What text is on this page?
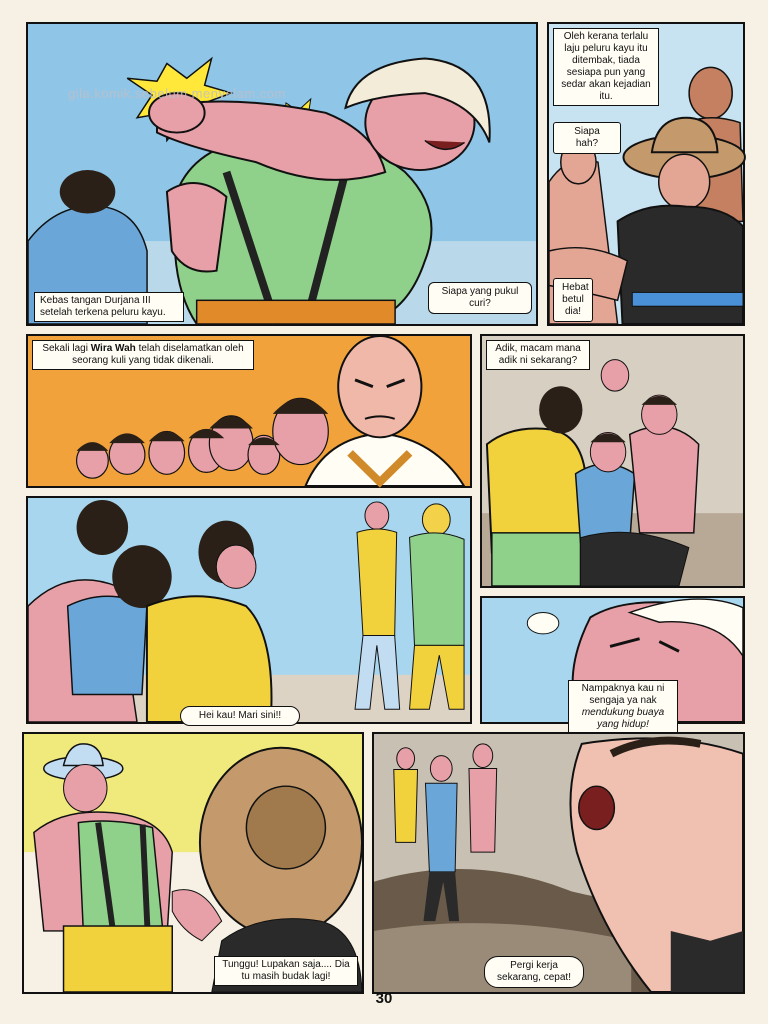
gila.komik.sebelum.menyelam.com
Kebas tangan Durjana III setelah terkena peluru kayu.
Siapa yang pukul curi?
Oleh kerana terlalu laju peluru kayu itu ditembak, tiada sesiapa pun yang sedar akan kejadian itu.
Siapa hah?
Hebat betul dia!
Sekali lagi Wira Wah telah diselamatkan oleh seorang kuli yang tidak dikenali.
Adik, macam mana adik ni sekarang?
Hei kau! Mari sini!!
Nampaknya kau ni sengaja ya nak mendukung buaya yang hidup!
Tunggu! Lupakan saja.... Dia tu masih budak lagi!
Pergi kerja sekarang, cepat!
30
